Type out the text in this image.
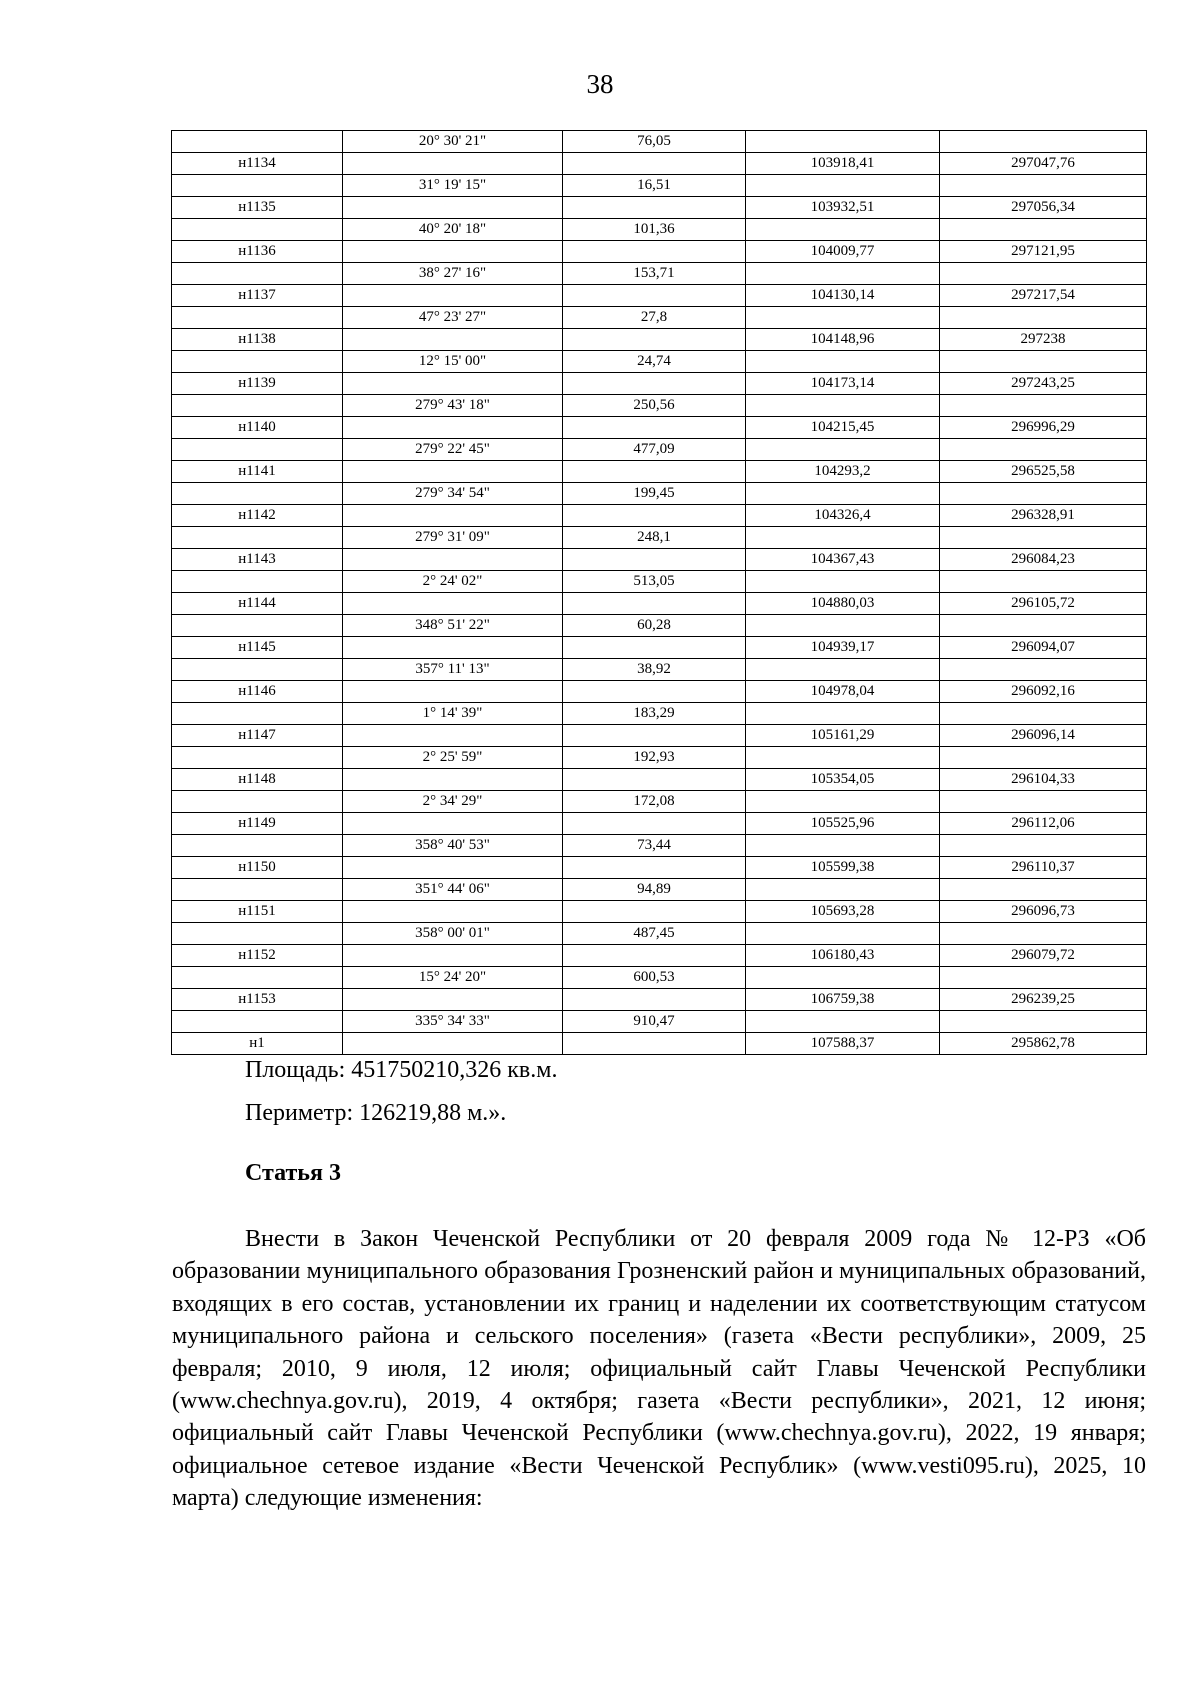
38
	20° 30' 21"	76,05		
н1134			103918,41	297047,76
	31° 19' 15"	16,51		
н1135			103932,51	297056,34
	40° 20' 18"	101,36		
н1136			104009,77	297121,95
	38° 27' 16"	153,71		
н1137			104130,14	297217,54
	47° 23' 27"	27,8		
н1138			104148,96	297238
	12° 15' 00"	24,74		
н1139			104173,14	297243,25
	279° 43' 18"	250,56		
н1140			104215,45	296996,29
	279° 22' 45"	477,09		
н1141			104293,2	296525,58
	279° 34' 54"	199,45		
н1142			104326,4	296328,91
	279° 31' 09"	248,1		
н1143			104367,43	296084,23
	2° 24' 02"	513,05		
н1144			104880,03	296105,72
	348° 51' 22"	60,28		
н1145			104939,17	296094,07
	357° 11' 13"	38,92		
н1146			104978,04	296092,16
	1° 14' 39"	183,29		
н1147			105161,29	296096,14
	2° 25' 59"	192,93		
н1148			105354,05	296104,33
	2° 34' 29"	172,08		
н1149			105525,96	296112,06
	358° 40' 53"	73,44		
н1150			105599,38	296110,37
	351° 44' 06"	94,89		
н1151			105693,28	296096,73
	358° 00' 01"	487,45		
н1152			106180,43	296079,72
	15° 24' 20"	600,53		
н1153			106759,38	296239,25
	335° 34' 33"	910,47		
н1			107588,37	295862,78
Площадь: 451750210,326 кв.м.
Периметр: 126219,88 м.».
Статья 3

Внести в Закон Чеченской Республики от 20 февраля 2009 года № 12-РЗ «Об образовании муниципального образования Грозненский район и муниципальных образований, входящих в его состав, установлении их границ и наделении их соответствующим статусом муниципального района и сельского поселения» (газета «Вести республики», 2009, 25 февраля; 2010, 9 июля, 12 июля; официальный сайт Главы Чеченской Республики (www.chechnya.gov.ru), 2019, 4 октября; газета «Вести республики», 2021, 12 июня; официальный сайт Главы Чеченской Республики (www.chechnya.gov.ru), 2022, 19 января; официальное сетевое издание «Вести Чеченской Республик» (www.vesti095.ru), 2025, 10 марта) следующие изменения:
